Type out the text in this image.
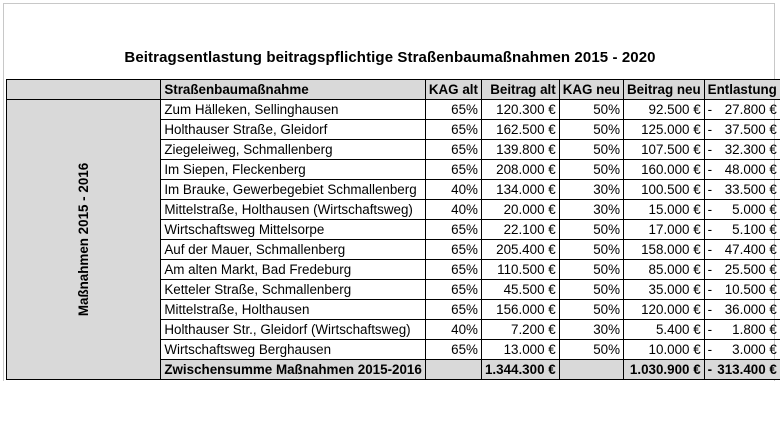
Beitragsentlastung beitragspflichtige Straßenbaumaßnahmen 2015 - 2020
	Straßenbaumaßnahme	KAG alt	Beitrag alt	KAG neu	Beitrag neu	Entlastung

Maßnahmen 2015 - 2016	Zum Hälleken, Sellinghausen	65%	120.300 €	50%	92.500 €	- 27.800 €

	Holthauser Straße, Gleidorf	65%	162.500 €	50%	125.000 €	- 37.500 €

	Ziegeleiweg, Schmallenberg	65%	139.800 €	50%	107.500 €	- 32.300 €

	Im Siepen, Fleckenberg	65%	208.000 €	50%	160.000 €	- 48.000 €

	Im Brauke, Gewerbegebiet Schmallenberg	40%	134.000 €	30%	100.500 €	- 33.500 €

	Mittelstraße, Holthausen (Wirtschaftsweg)	40%	20.000 €	30%	15.000 €	- 5.000 €

	Wirtschaftsweg Mittelsorpe	65%	22.100 €	50%	17.000 €	- 5.100 €

	Auf der Mauer, Schmallenberg	65%	205.400 €	50%	158.000 €	- 47.400 €

	Am alten Markt, Bad Fredeburg	65%	110.500 €	50%	85.000 €	- 25.500 €

	Ketteler Straße, Schmallenberg	65%	45.500 €	50%	35.000 €	- 10.500 €

	Mittelstraße, Holthausen	65%	156.000 €	50%	120.000 €	- 36.000 €

	Holthauser Str., Gleidorf (Wirtschaftsweg)	40%	7.200 €	30%	5.400 €	- 1.800 €

	Wirtschaftsweg Berghausen	65%	13.000 €	50%	10.000 €	- 3.000 €

	Zwischensumme Maßnahmen 2015-2016		1.344.300 €		1.030.900 €	- 313.400 €
